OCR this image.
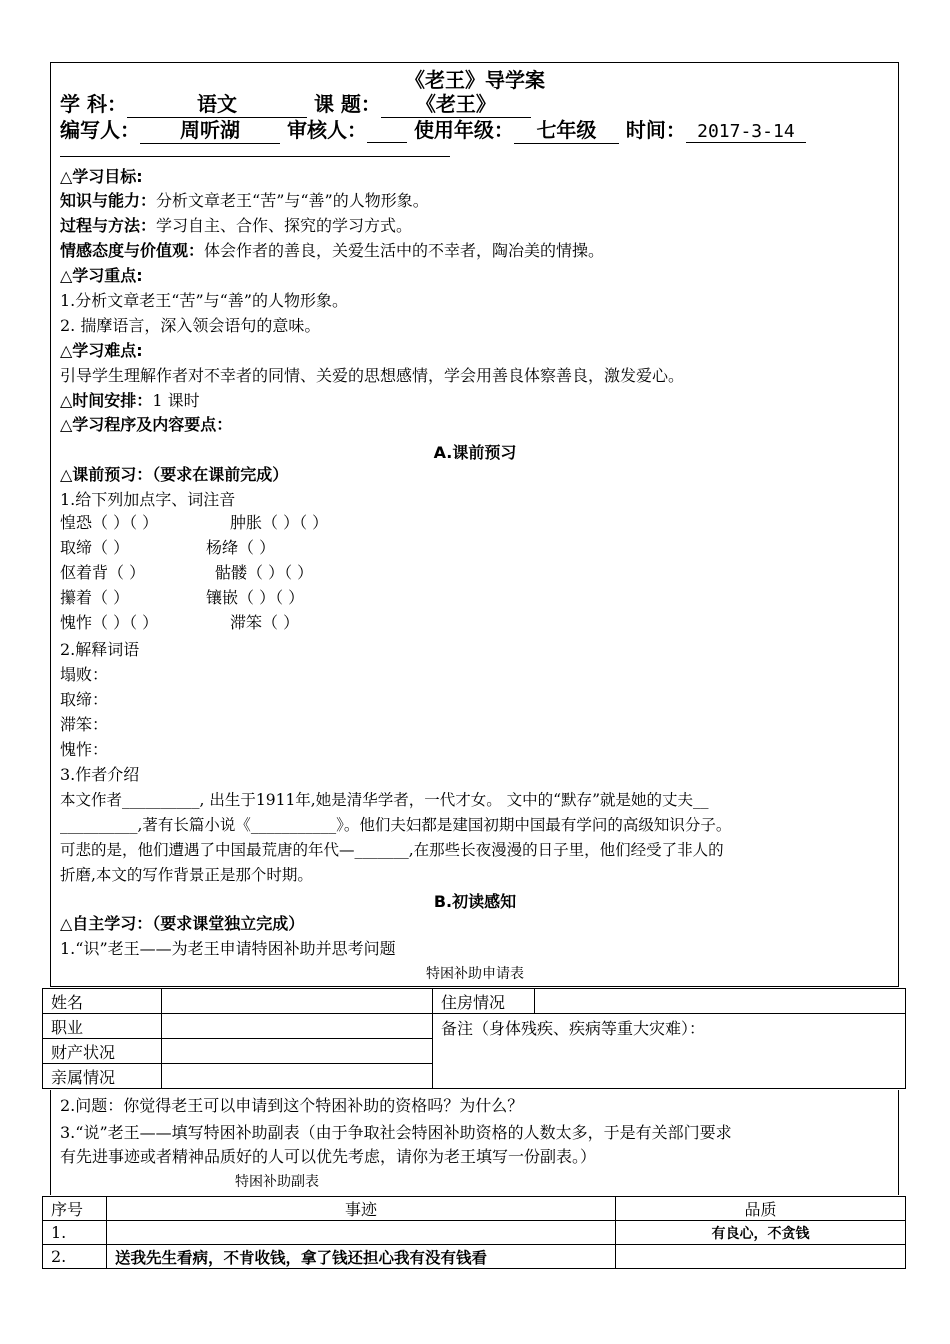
《老王》导学案
学 科：	语文	课 题： 《老王》
编写人： 周听湖 审核人： 使用年级： 七年级 时间： 2017-3-14
△学习目标:
知识与能力：分析文章老王“苦”与“善”的人物形象。
过程与方法：学习自主、合作、探究的学习方式。
情感态度与价值观：体会作者的善良，关爱生活中的不幸者，陶冶美的情操。
△学习重点:
1.分析文章老王“苦”与“善”的人物形象。
2. 揣摩语言，深入领会语句的意味。
△学习难点:
引导学生理解作者对不幸者的同情、关爱的思想感情，学会用善良体察善良，激发爱心。
△时间安排：1 课时
△学习程序及内容要点：
A.课前预习
△课前预习：（要求在课前完成）
1.给下列加点字、词注音
惶恐（ ）（ ）	肿胀（ ）（ ）
取缔（ ）	杨绛（ ）
伛着背（ ）	骷髅（ ）（ ）
攥着（ ）	镶嵌（ ）（ ）
愧怍（ ）（ ）	滞笨（ ）
2.解释词语
塌败：
取缔：
滞笨：
愧怍：
3.作者介绍
本文作者__________, 出生于1911年,她是清华学者，一代才女。 文中的“默存”就是她的丈夫__
__________,著有长篇小说《___________》。他们夫妇都是建国初期中国最有学问的高级知识分子。
可悲的是，他们遭遇了中国最荒唐的年代—_______,在那些长夜漫漫的日子里，他们经受了非人的
折磨,本文的写作背景正是那个时期。
B.初读感知
△自主学习：（要求课堂独立完成）
1.“识”老王——为老王申请特困补助并思考问题
特困补助申请表
姓名		住房情况	
职业		备注（身体残疾、疾病等重大灾难）：	
财产状况			
亲属情况			
2.问题：你觉得老王可以申请到这个特困补助的资格吗？为什么？
3.“说”老王——填写特困补助副表（由于争取社会特困补助资格的人数太多，于是有关部门要求
有先进事迹或者精神品质好的人可以优先考虑，请你为老王填写一份副表。）
特困补助副表
序号	事迹	品质
1.		有良心，不贪钱
2.	送我先生看病，不肯收钱，拿了钱还担心我有没有钱看	
